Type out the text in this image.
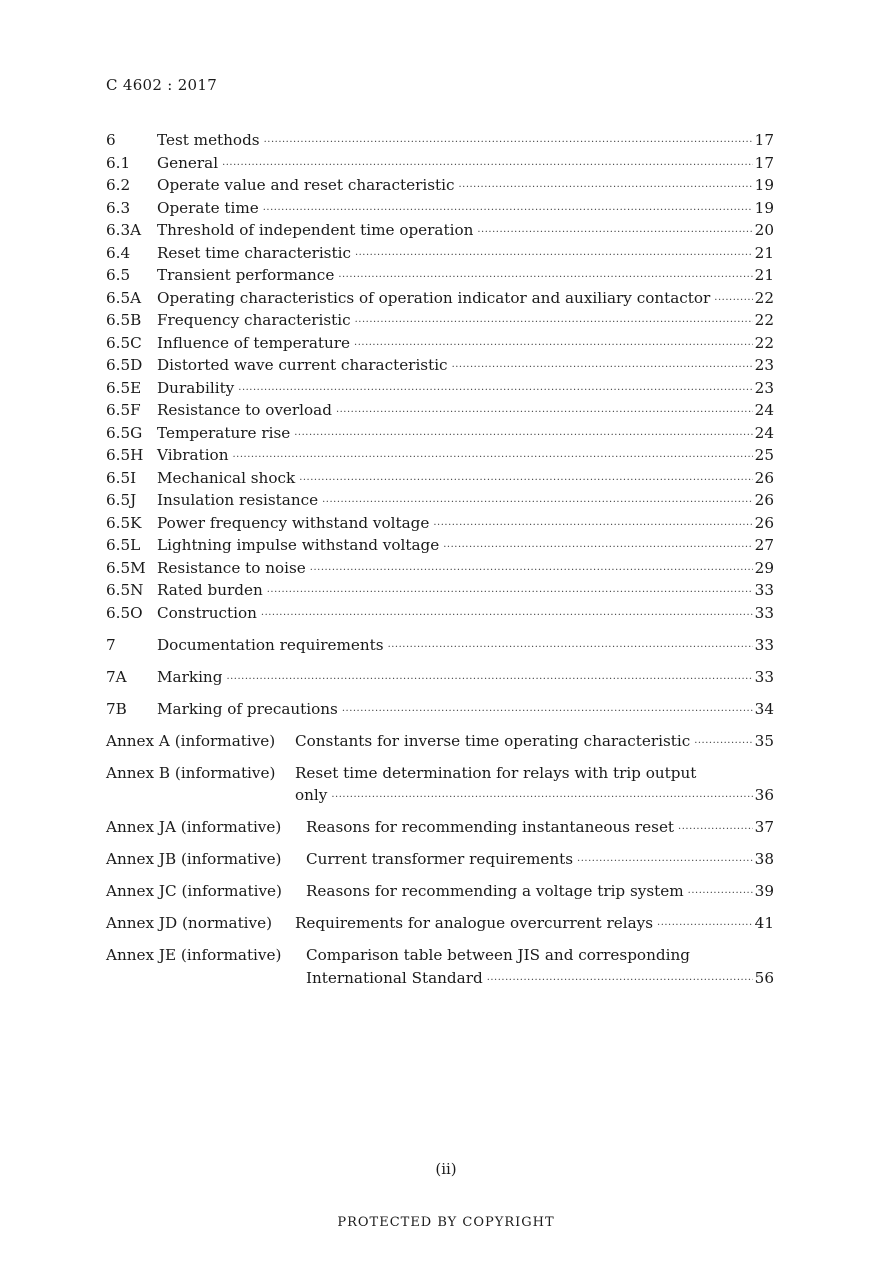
C 4602 : 2017
6	Test methods ·····	17
6.1 General ·····	17
6.2 Operate value and reset characteristic ·····	19
6.3 Operate time ·····	19
6.3A Threshold of independent time operation ·····	20
6.4 Reset time characteristic ·····	21
6.5 Transient performance ·····	21
6.5A Operating characteristics of operation indicator and auxiliary contactor ·····	22
6.5B Frequency characteristic ·····	22
6.5C Influence of temperature ·····	22
6.5D Distorted wave current characteristic ·····	23
6.5E Durability ·····	23
6.5F Resistance to overload ·····	24
6.5G Temperature rise ·····	24
6.5H Vibration ·····	25
6.5I Mechanical shock ·····	26
6.5J Insulation resistance ·····	26
6.5K Power frequency withstand voltage ·····	26
6.5L Lightning impulse withstand voltage ·····	27
6.5M Resistance to noise ·····	29
6.5N Rated burden ·····	33
6.5O Construction ·····	33
7	Documentation requirements ·····	33
7A Marking ·····	33
7B Marking of precautions ·····	34
Annex A (informative) Constants for inverse time operating characteristic ·····	35
Annex B (informative) Reset time determination for relays with trip output
only ·····	36
Annex JA (informative) Reasons for recommending instantaneous reset ·····	37
Annex JB (informative) Current transformer requirements ·····	38
Annex JC (informative) Reasons for recommending a voltage trip system ·····	39
Annex JD (normative) Requirements for analogue overcurrent relays ·····	41
Annex JE (informative) Comparison table between JIS and corresponding
International Standard ·····	56
(ii)
PROTECTED BY COPYRIGHT
